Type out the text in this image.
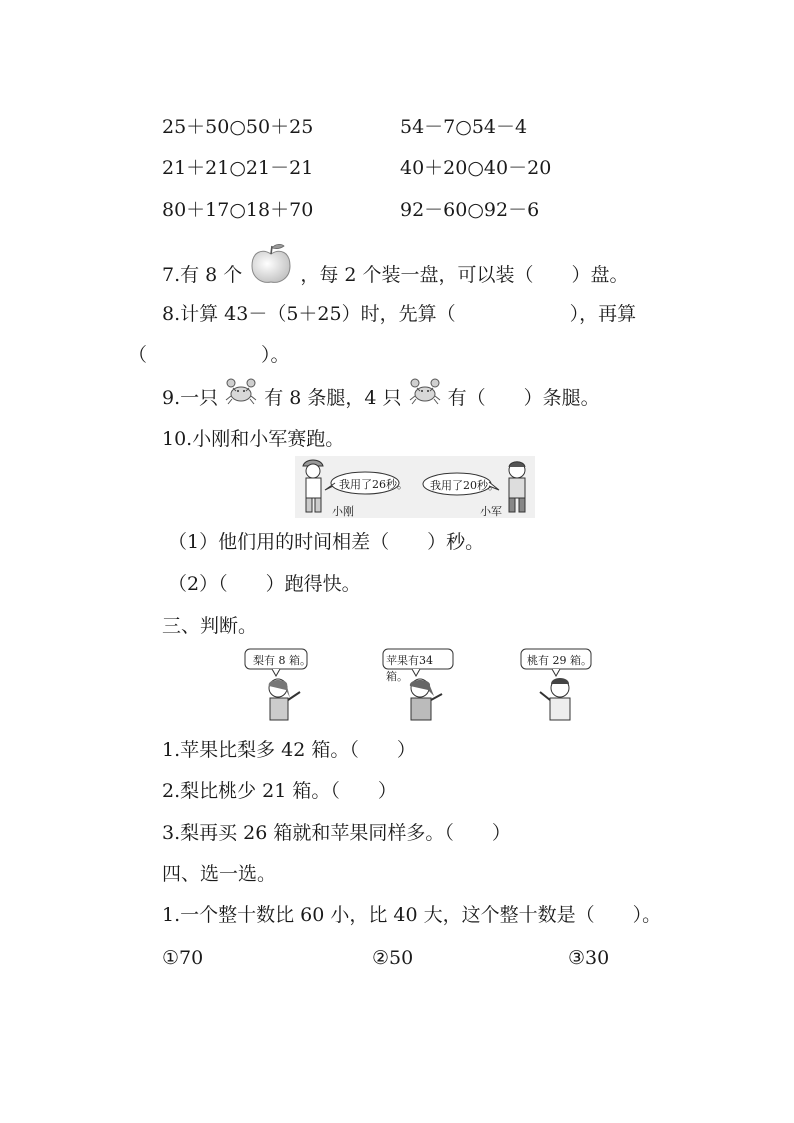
25＋50○50＋25	54－7○54－4
21＋21○21－21	40＋20○40－20
80＋17○18＋70	92－60○92－6
7.有 8 个	，每 2 个装一盘，可以装（　　）盘。
8.计算 43－（5＋25）时，先算（　　　　　　），再算
（　　　　　　）。
9.一只 有 8 条腿，4 只 有（　　）条腿。
10.小刚和小军赛跑。
我用了26秒。 我用了20秒。
小刚	小军
（1）他们用的时间相差（　　）秒。
（2）（　　）跑得快。
三、判断。
梨有 8 箱。	苹果有34箱。
桃有 29 箱。
1.苹果比梨多 42 箱。（　　）
2.梨比桃少 21 箱。（　　）
3.梨再买 26 箱就和苹果同样多。（　　）
四、选一选。
1.一个整十数比 60 小，比 40 大，这个整十数是（　　）。
①70	②50	③30
